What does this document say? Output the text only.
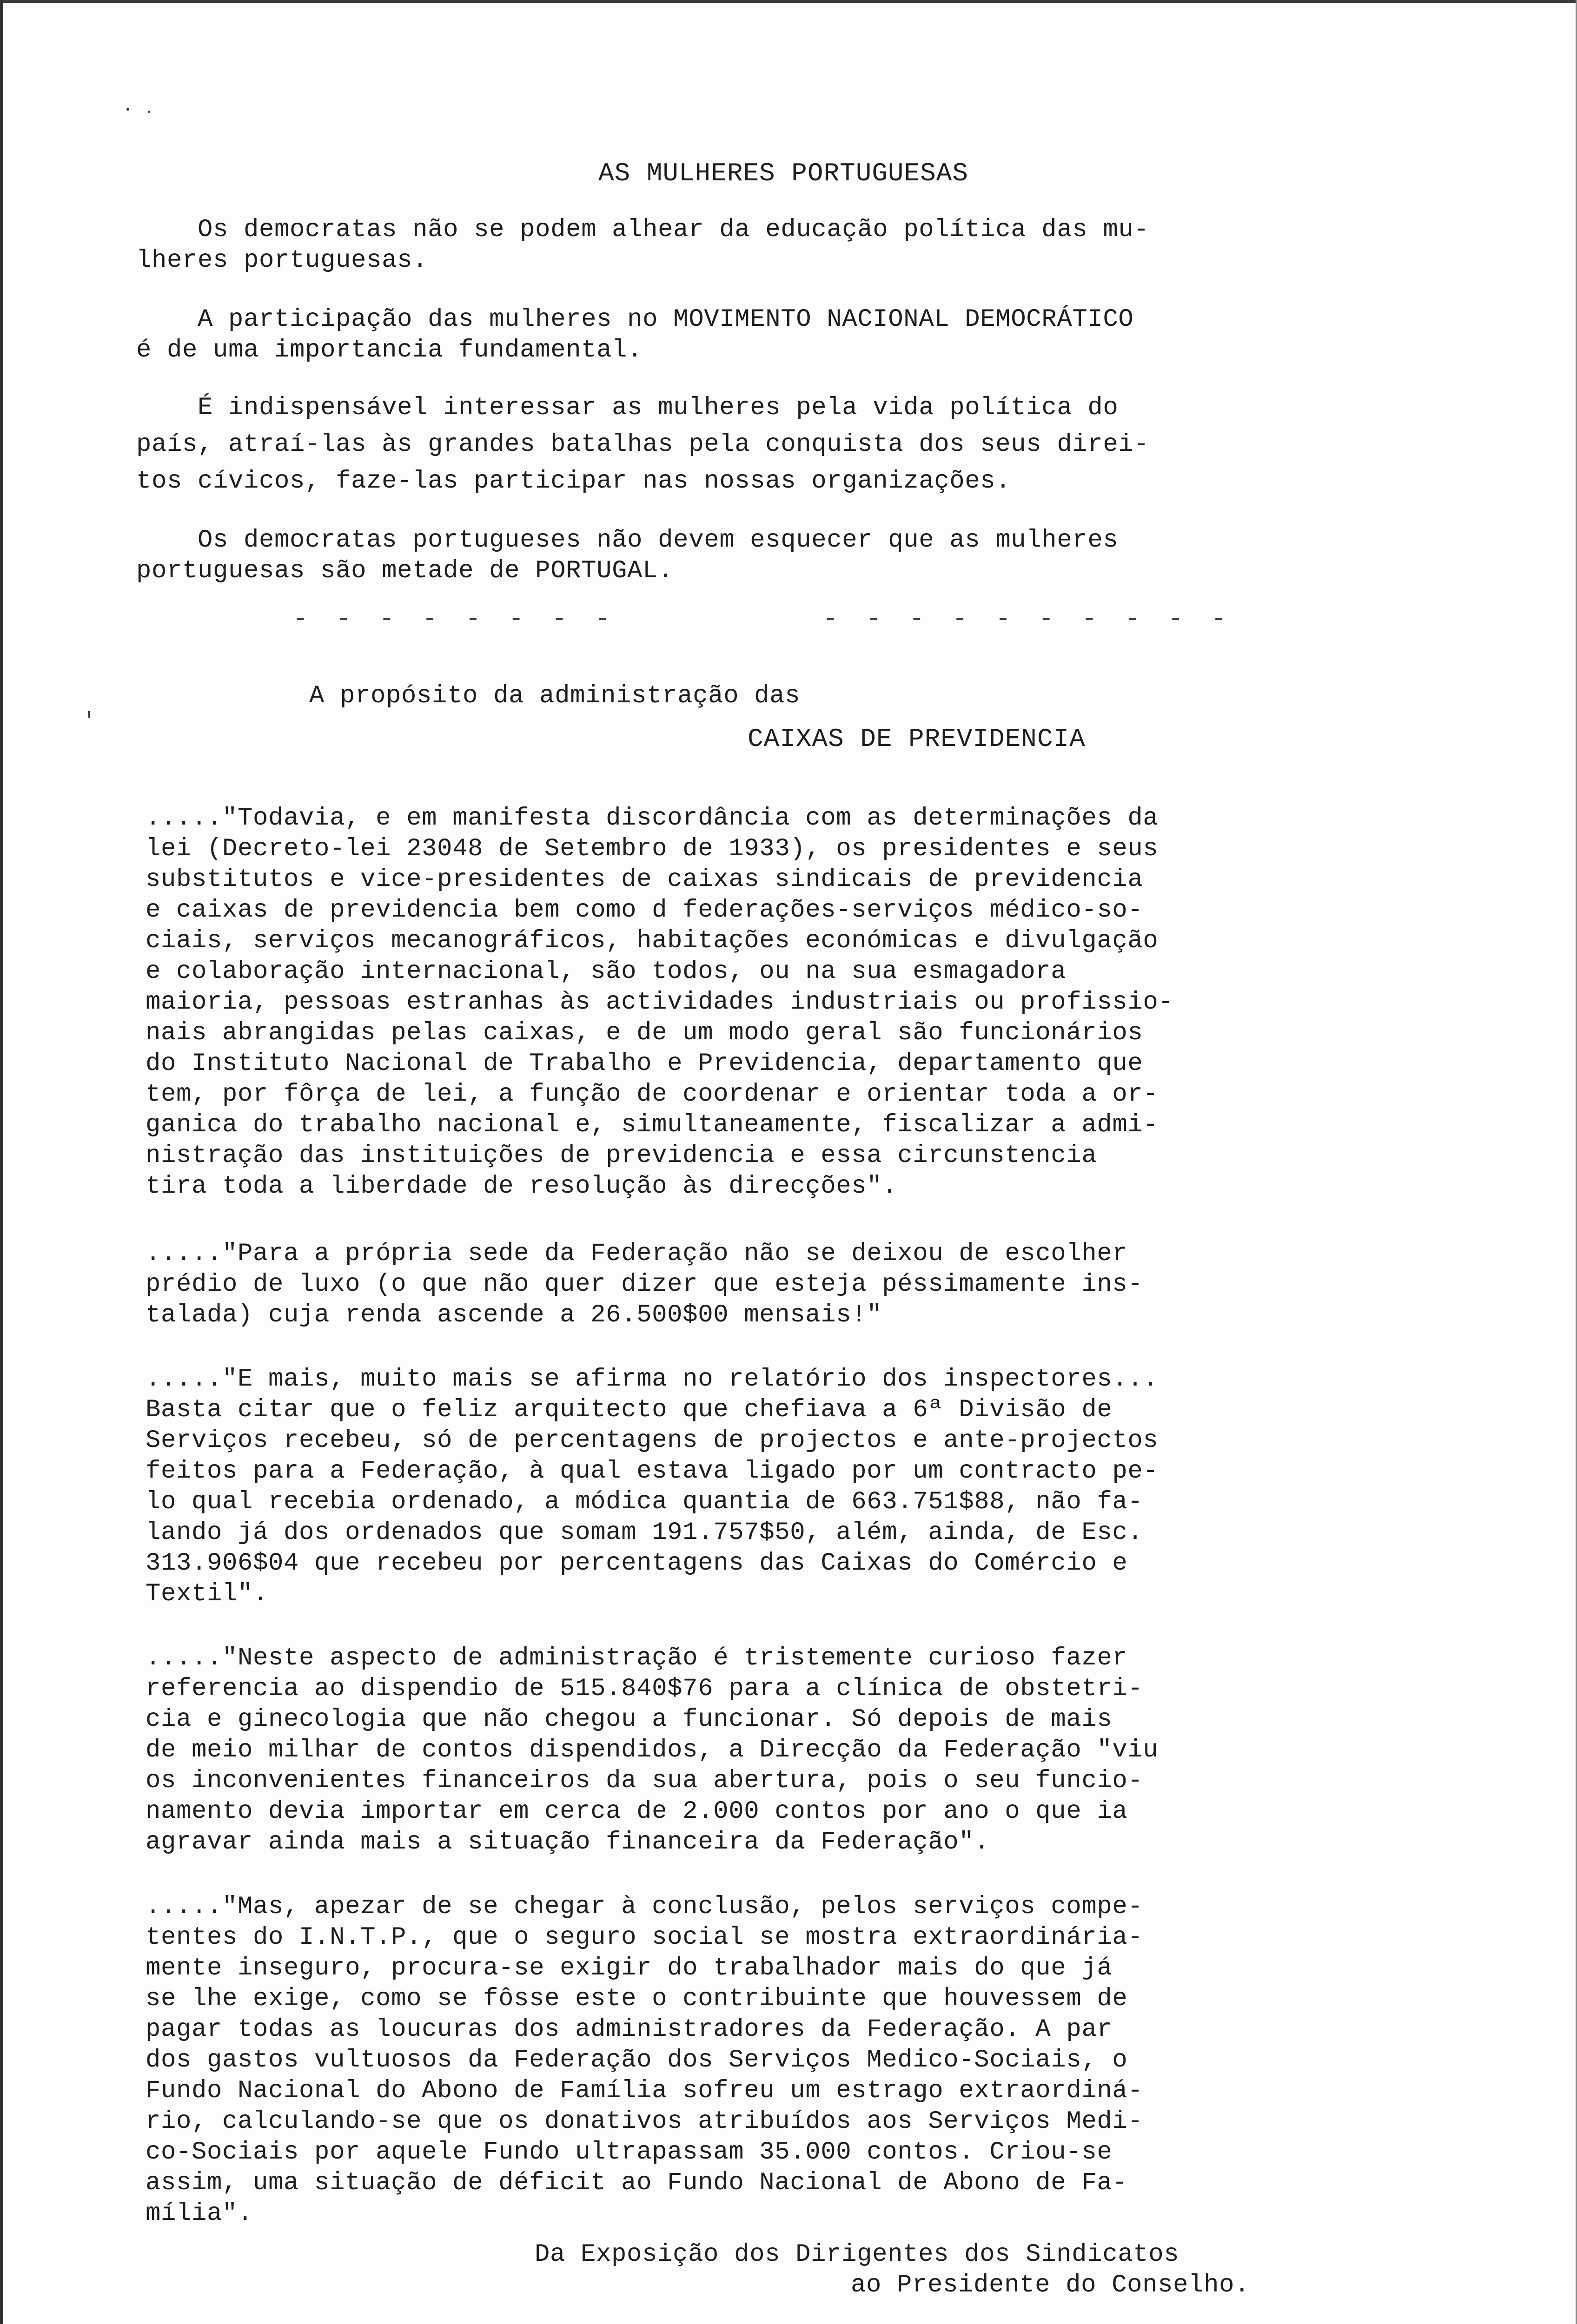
AS MULHERES PORTUGUESAS
Os democratas não se podem alhear da educação política das mu-
lheres portuguesas.
A participação das mulheres no MOVIMENTO NACIONAL DEMOCRÁTICO
é de uma importancia fundamental.
É indispensável interessar as mulheres pela vida política do
país, atraí-las às grandes batalhas pela conquista dos seus direi-
tos cívicos, faze-las participar nas nossas organizações.
Os democratas portugueses não devem esquecer que as mulheres
portuguesas são metade de PORTUGAL.
- - - - - - - -	- - - - - - - - - -
A propósito da administração das
CAIXAS DE PREVIDENCIA
....."Todavia, e em manifesta discordância com as determinações da
lei (Decreto-lei 23048 de Setembro de 1933), os presidentes e seus
substitutos e vice-presidentes de caixas sindicais de previdencia
e caixas de previdencia bem como d federações-serviços médico-so-
ciais, serviços mecanográficos, habitações económicas e divulgação
e colaboração internacional, são todos, ou na sua esmagadora
maioria, pessoas estranhas às actividades industriais ou profissio-
nais abrangidas pelas caixas, e de um modo geral são funcionários
do Instituto Nacional de Trabalho e Previdencia, departamento que
tem, por fôrça de lei, a função de coordenar e orientar toda a or-
ganica do trabalho nacional e, simultaneamente, fiscalizar a admi-
nistração das instituições de previdencia e essa circunstencia
tira toda a liberdade de resolução às direcções".
....."Para a própria sede da Federação não se deixou de escolher
prédio de luxo (o que não quer dizer que esteja péssimamente ins-
talada) cuja renda ascende a 26.500$00 mensais!"
....."E mais, muito mais se afirma no relatório dos inspectores...
Basta citar que o feliz arquitecto que chefiava a 6ª Divisão de
Serviços recebeu, só de percentagens de projectos e ante-projectos
feitos para a Federação, à qual estava ligado por um contracto pe-
lo qual recebia ordenado, a módica quantia de 663.751$88, não fa-
lando já dos ordenados que somam 191.757$50, além, ainda, de Esc.
313.906$04 que recebeu por percentagens das Caixas do Comércio e
Textil".
....."Neste aspecto de administração é tristemente curioso fazer
referencia ao dispendio de 515.840$76 para a clínica de obstetri-
cia e ginecologia que não chegou a funcionar. Só depois de mais
de meio milhar de contos dispendidos, a Direcção da Federação "viu
os inconvenientes financeiros da sua abertura, pois o seu funcio-
namento devia importar em cerca de 2.000 contos por ano o que ia
agravar ainda mais a situação financeira da Federação".
....."Mas, apezar de se chegar à conclusão, pelos serviços compe-
tentes do I.N.T.P., que o seguro social se mostra extraordinária-
mente inseguro, procura-se exigir do trabalhador mais do que já
se lhe exige, como se fôsse este o contribuinte que houvessem de
pagar todas as loucuras dos administradores da Federação. A par
dos gastos vultuosos da Federação dos Serviços Medico-Sociais, o
Fundo Nacional do Abono de Família sofreu um estrago extraordiná-
rio, calculando-se que os donativos atribuídos aos Serviços Medi-
co-Sociais por aquele Fundo ultrapassam 35.000 contos. Criou-se
assim, uma situação de déficit ao Fundo Nacional de Abono de Fa-
mília".
Da Exposição dos Dirigentes dos Sindicatos
ao Presidente do Conselho.
